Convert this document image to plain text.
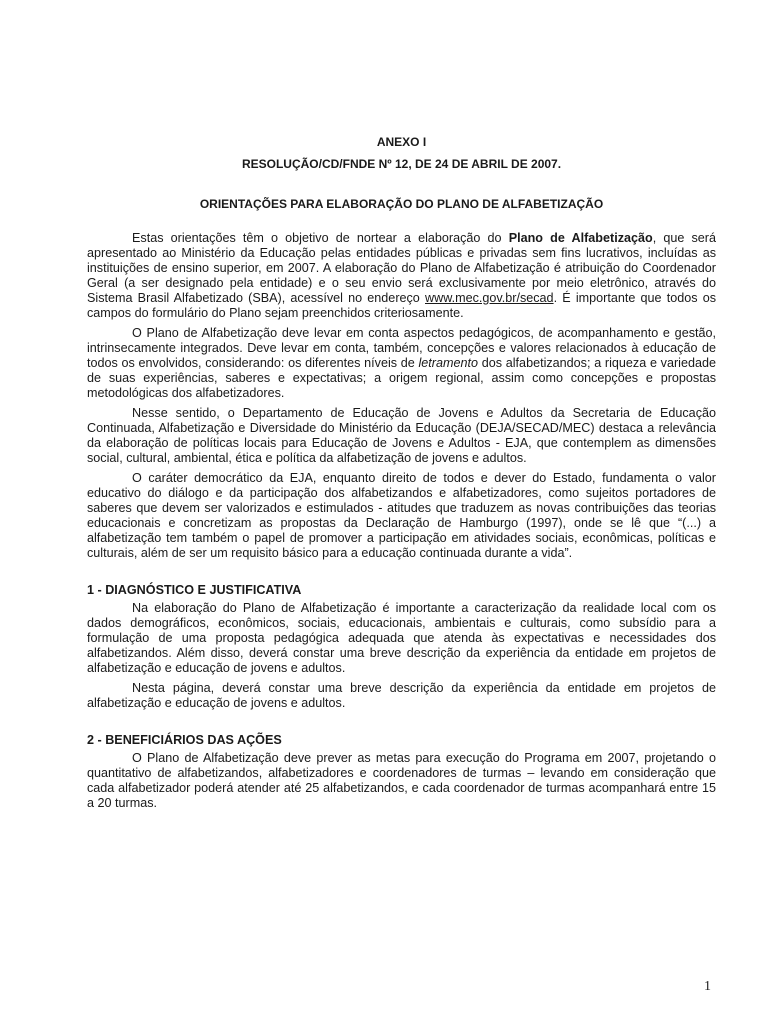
ANEXO I
RESOLUÇÃO/CD/FNDE Nº 12, DE 24 DE ABRIL DE 2007.
ORIENTAÇÕES PARA ELABORAÇÃO DO PLANO DE ALFABETIZAÇÃO

Estas orientações têm o objetivo de nortear a elaboração do Plano de Alfabetização, que será apresentado ao Ministério da Educação pelas entidades públicas e privadas sem fins lucrativos, incluídas as instituições de ensino superior, em 2007. A elaboração do Plano de Alfabetização é atribuição do Coordenador Geral (a ser designado pela entidade) e o seu envio será exclusivamente por meio eletrônico, através do Sistema Brasil Alfabetizado (SBA), acessível no endereço www.mec.gov.br/secad. É importante que todos os campos do formulário do Plano sejam preenchidos criteriosamente.

O Plano de Alfabetização deve levar em conta aspectos pedagógicos, de acompanhamento e gestão, intrinsecamente integrados. Deve levar em conta, também, concepções e valores relacionados à educação de todos os envolvidos, considerando: os diferentes níveis de letramento dos alfabetizandos; a riqueza e variedade de suas experiências, saberes e expectativas; a origem regional, assim como concepções e propostas metodológicas dos alfabetizadores.

Nesse sentido, o Departamento de Educação de Jovens e Adultos da Secretaria de Educação Continuada, Alfabetização e Diversidade do Ministério da Educação (DEJA/SECAD/MEC) destaca a relevância da elaboração de políticas locais para Educação de Jovens e Adultos - EJA, que contemplem as dimensões social, cultural, ambiental, ética e política da alfabetização de jovens e adultos.

O caráter democrático da EJA, enquanto direito de todos e dever do Estado, fundamenta o valor educativo do diálogo e da participação dos alfabetizandos e alfabetizadores, como sujeitos portadores de saberes que devem ser valorizados e estimulados - atitudes que traduzem as novas contribuições das teorias educacionais e concretizam as propostas da Declaração de Hamburgo (1997), onde se lê que “(...) a alfabetização tem também o papel de promover a participação em atividades sociais, econômicas, políticas e culturais, além de ser um requisito básico para a educação continuada durante a vida”.

1 - DIAGNÓSTICO E JUSTIFICATIVA

Na elaboração do Plano de Alfabetização é importante a caracterização da realidade local com os dados demográficos, econômicos, sociais, educacionais, ambientais e culturais, como subsídio para a formulação de uma proposta pedagógica adequada que atenda às expectativas e necessidades dos alfabetizandos. Além disso, deverá constar uma breve descrição da experiência da entidade em projetos de alfabetização e educação de jovens e adultos.

Nesta página, deverá constar uma breve descrição da experiência da entidade em projetos de alfabetização e educação de jovens e adultos.

2 - BENEFICIÁRIOS DAS AÇÕES

O Plano de Alfabetização deve prever as metas para execução do Programa em 2007, projetando o quantitativo de alfabetizandos, alfabetizadores e coordenadores de turmas – levando em consideração que cada alfabetizador poderá atender até 25 alfabetizandos, e cada coordenador de turmas acompanhará entre 15 a 20 turmas.

1
